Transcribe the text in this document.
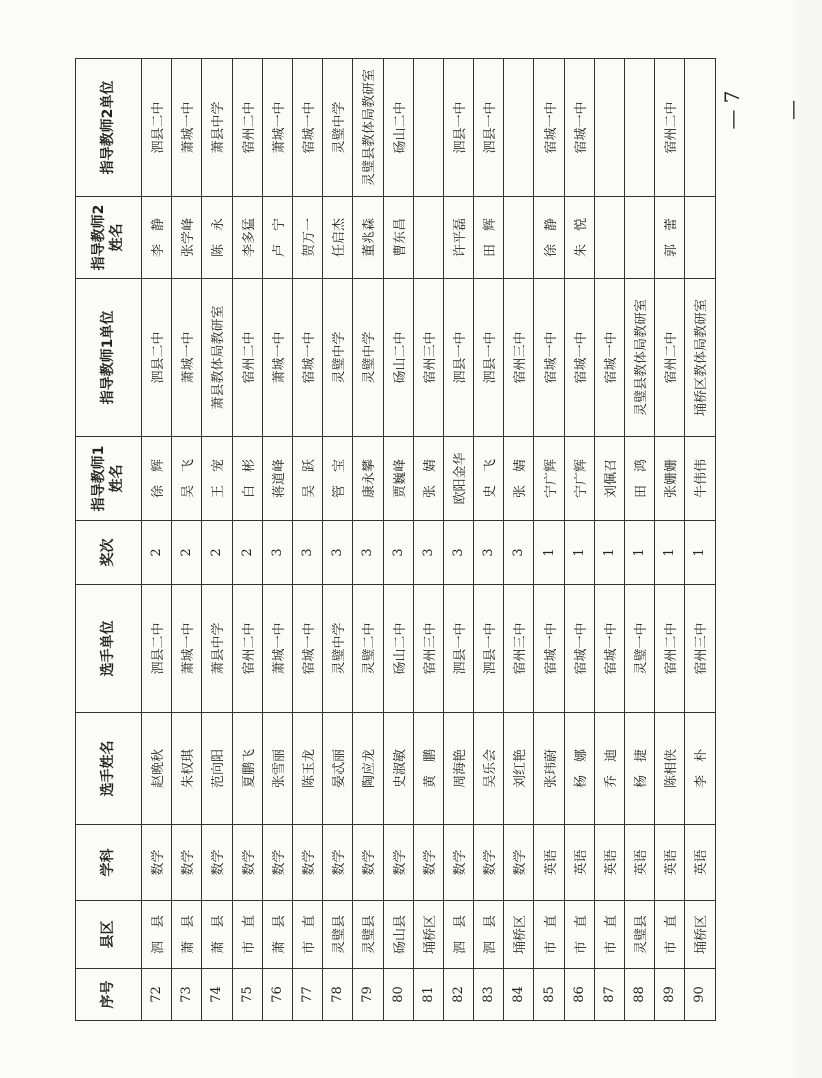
序号	县区	学科	选手姓名	选手单位	奖次	指导教师1姓名	指导教师1单位	指导教师2姓名	指导教师2单位
72	泗　县	数学	赵晚秋	泗县二中	2	徐　辉	泗县二中	李　静	泗县二中
73	萧　县	数学	朱权琪	萧城一中	2	吴　飞	萧城一中	张学峰	萧城一中
74	萧　县	数学	范向阳	萧县中学	2	王　宠	萧县教体局教研室	陈　永	萧县中学
75	市　直	数学	夏鹏飞	宿州二中	2	白　彬	宿州二中	李多猛	宿州二中
76	萧　县	数学	张雪丽	萧城一中	3	蒋道峰	萧城一中	卢　宁	萧城一中
77	市　直	数学	陈玉龙	宿城一中	3	吴　跃	宿城一中	贺万一	宿城一中
78	灵璧县	数学	晏忒丽	灵璧中学	3	管　宝	灵璧中学	任启杰	灵璧中学
79	灵璧县	数学	陶应龙	灵璧二中	3	康永攀	灵璧中学	董兆森	灵璧县教体局教研室
80	砀山县	数学	史淑敏	砀山二中	3	贾巍峰	砀山二中	曹东昌	砀山二中
81	埇桥区	数学	黄　鹏	宿州三中	3	张　婧	宿州三中		
82	泗　县	数学	周海艳	泗县一中	3	欧阳金华	泗县一中	许平磊	泗县一中
83	泗　县	数学	吴乐会	泗县一中	3	史　飞	泗县一中	田　辉	泗县一中
84	埇桥区	数学	刘红艳	宿州三中	3	张　婧	宿州三中		
85	市　直	英语	张玮蔚	宿城一中	1	宁广辉	宿城一中	徐　静	宿城一中
86	市　直	英语	杨　娜	宿城一中	1	宁广辉	宿城一中	朱　悦	宿城一中
87	市　直	英语	乔　迪	宿城一中	1	刘佩召	宿城一中		
88	灵璧县	英语	杨　捷	灵璧一中	1	田　鸿	灵璧县教体局教研室		
89	市　直	英语	陈相侠	宿州二中	1	张姗姗	宿州二中	郭　蕾	宿州二中
90	埇桥区	英语	李　朴	宿州三中	1	牛伟伟	埇桥区教体局教研室		
— 7 —
